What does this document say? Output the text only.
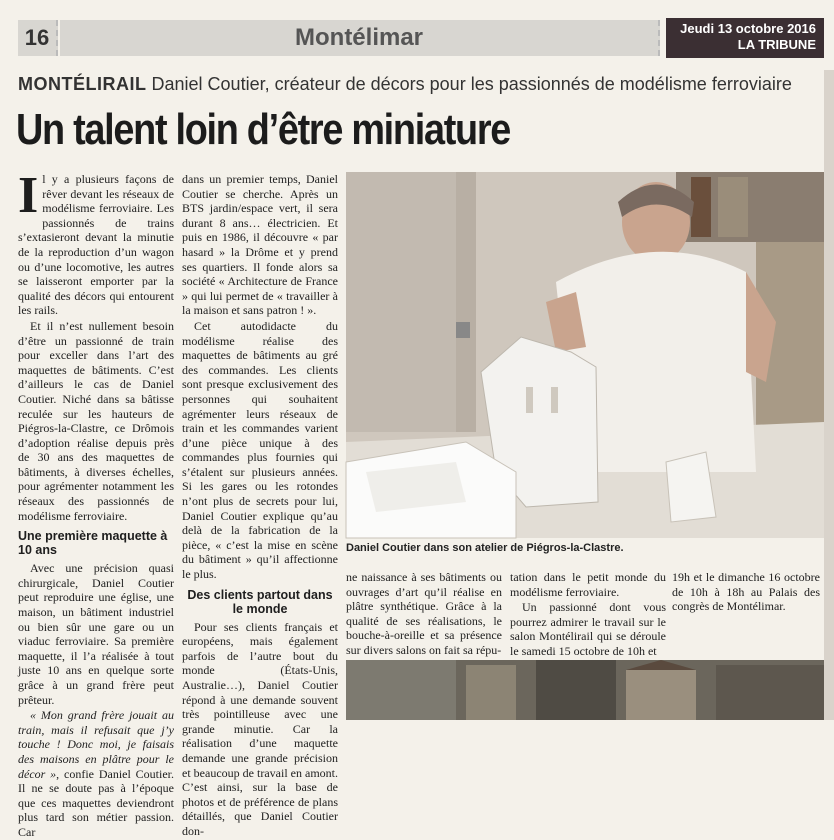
16	Montélimar	Jeudi 13 octobre 2016
LA TRIBUNE
MONTÉLIRAIL Daniel Coutier, créateur de décors pour les passionnés de modélisme ferroviaire
Un talent loin d’être miniature

Il y a plusieurs façons de rêver devant les réseaux de modélisme ferroviaire. Les passionnés de trains s’extasieront devant la minutie de la reproduction d’un wagon ou d’une locomotive, les autres se laisseront emporter par la qualité des décors qui entourent les rails.

Et il n’est nullement besoin d’être un passionné de train pour exceller dans l’art des maquettes de bâtiments. C’est d’ailleurs le cas de Daniel Coutier. Niché dans sa bâtisse reculée sur les hauteurs de Piégros-la-Clastre, ce Drômois d’adoption réalise depuis près de 30 ans des maquettes de bâtiments, à diverses échelles, pour agrémenter notamment les réseaux des passionnés de modélisme ferroviaire.

Une première maquette à 10 ans

Avec une précision quasi chirurgicale, Daniel Coutier peut reproduire une église, une maison, un bâtiment industriel ou bien sûr une gare ou un viaduc ferroviaire. Sa première maquette, il l’a réalisée à tout juste 10 ans en quelque sorte grâce à un grand frère peut prêteur.

« Mon grand frère jouait au train, mais il refusait que j’y touche ! Donc moi, je faisais des maisons en plâtre pour le décor », confie Daniel Coutier. Il ne se doute pas à l’époque que ces maquettes deviendront plus tard son métier passion. Car

dans un premier temps, Daniel Coutier se cherche. Après un BTS jardin/espace vert, il sera durant 8 ans… électricien. Et puis en 1986, il découvre « par hasard » la Drôme et y prend ses quartiers. Il fonde alors sa société « Architecture de France » qui lui permet de « travailler à la maison et sans patron ! ».

Cet autodidacte du modélisme réalise des maquettes de bâtiments au gré des commandes. Les clients sont presque exclusivement des personnes qui souhaitent agrémenter leurs réseaux de train et les commandes varient d’une pièce unique à des commandes plus fournies qui s’étalent sur plusieurs années. Si les gares ou les rotondes n’ont plus de secrets pour lui, Daniel Coutier explique qu’au delà de la fabrication de la pièce, « c’est la mise en scène du bâtiment » qu’il affectionne le plus.

Des clients partout dans le monde

Pour ses clients français et européens, mais également parfois de l’autre bout du monde (États-Unis, Australie…), Daniel Coutier répond à une demande souvent très pointilleuse avec une grande minutie. Car la réalisation d’une maquette demande une grande précision et beaucoup de travail en amont. C’est ainsi, sur la base de photos et de préférence de plans détaillés, que Daniel Coutier don-

Daniel Coutier dans son atelier de Piégros-la-Clastre.

ne naissance à ses bâtiments ou ouvrages d’art qu’il réalise en plâtre synthétique. Grâce à la qualité de ses réalisations, le bouche-à-oreille et sa présence sur divers salons on fait sa répu-

tation dans le petit monde du modélisme ferroviaire.

Un passionné dont vous pourrez admirer le travail sur le salon Montélirail qui se déroule le samedi 15 octobre de 10h et

19h et le dimanche 16 octobre de 10h à 18h au Palais des congrès de Montélimar.
